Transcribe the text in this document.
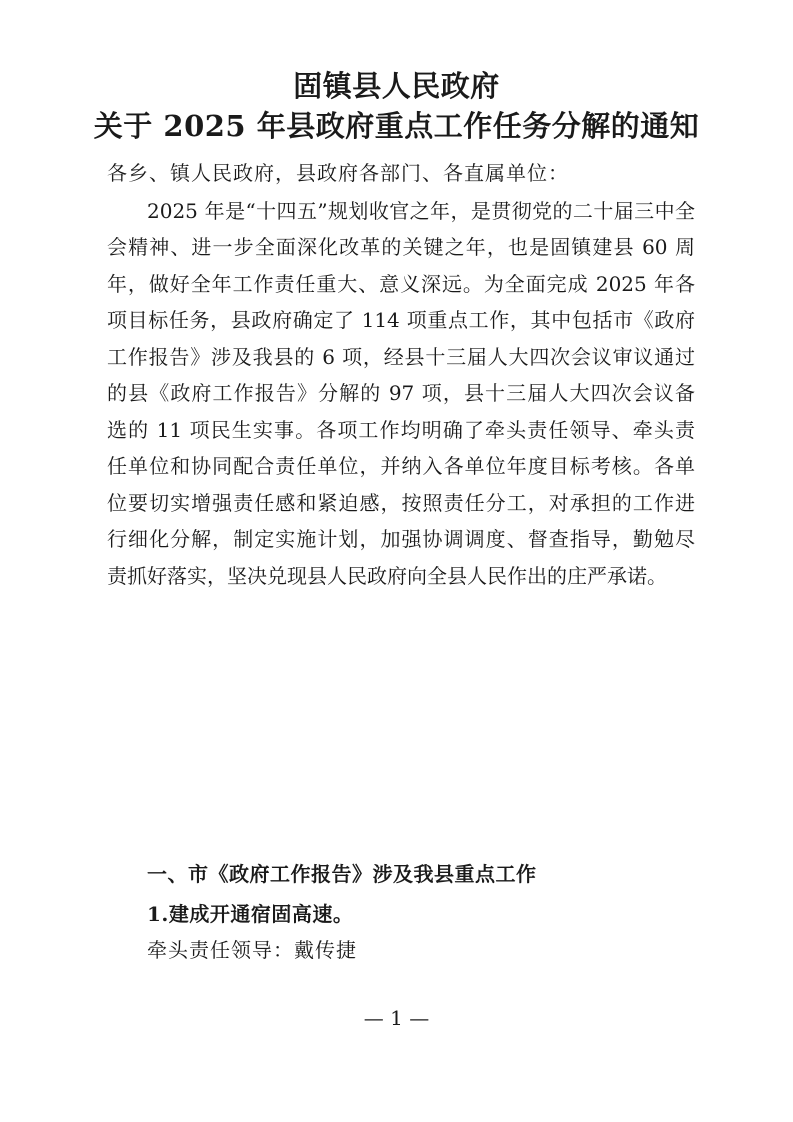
固镇县人民政府
关于 2025 年县政府重点工作任务分解的通知
各乡、镇人民政府，县政府各部门、各直属单位：
2025 年是“十四五”规划收官之年，是贯彻党的二十届三中全
会精神、进一步全面深化改革的关键之年，也是固镇建县 60 周
年，做好全年工作责任重大、意义深远。为全面完成 2025 年各
项目标任务，县政府确定了 114 项重点工作，其中包括市《政府
工作报告》涉及我县的 6 项，经县十三届人大四次会议审议通过
的县《政府工作报告》分解的 97 项，县十三届人大四次会议备
选的 11 项民生实事。各项工作均明确了牵头责任领导、牵头责
任单位和协同配合责任单位，并纳入各单位年度目标考核。各单
位要切实增强责任感和紧迫感，按照责任分工，对承担的工作进
行细化分解，制定实施计划，加强协调调度、督查指导，勤勉尽
责抓好落实，坚决兑现县人民政府向全县人民作出的庄严承诺。
一、市《政府工作报告》涉及我县重点工作
1.建成开通宿固高速。
牵头责任领导：戴传捷
— 1 —
